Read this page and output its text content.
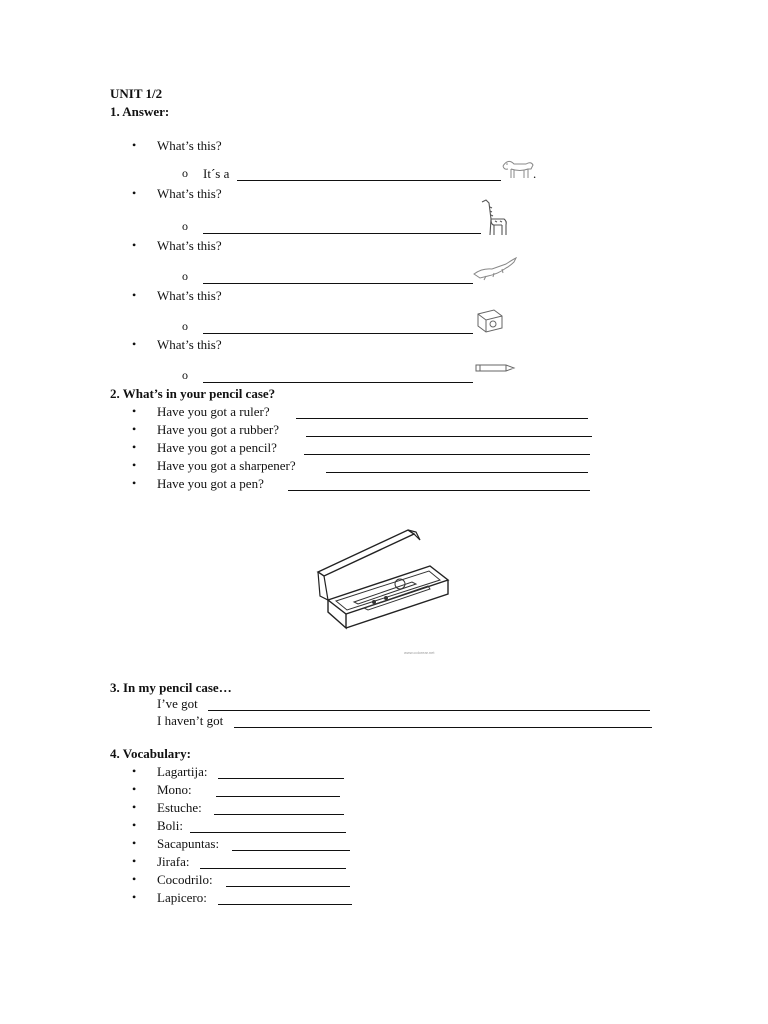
UNIT 1/2
1. Answer:
• What’s this?
o It´s a	.
• What’s this?
o
• What’s this?
o
• What’s this?
o
• What’s this?
o
2. What’s in your pencil case?
• Have you got a ruler?
• Have you got a rubber?
• Have you got a pencil?
• Have you got a sharpener?
• Have you got a pen?
www.colorear.net
3. In my pencil case…
I’ve got
I haven’t got
4. Vocabulary:
• Lagartija:
• Mono:
• Estuche:
• Boli:
• Sacapuntas:
• Jirafa:
• Cocodrilo:
• Lapicero:
